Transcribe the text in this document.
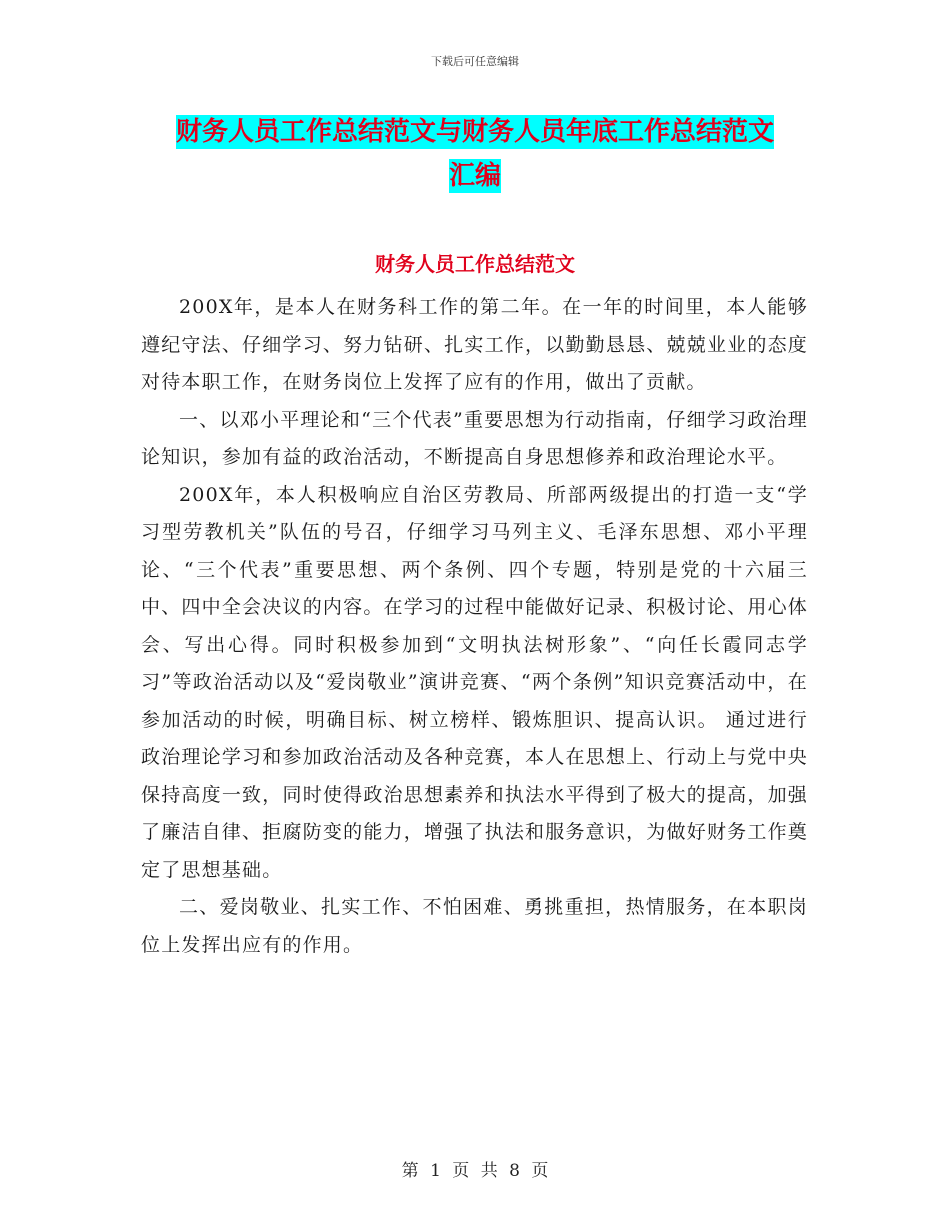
下载后可任意编辑
财务人员工作总结范文与财务人员年底工作总结范文
汇编
财务人员工作总结范文

200X年，是本人在财务科工作的第二年。在一年的时间里，本人能够遵纪守法、仔细学习、努力钻研、扎实工作，以勤勤恳恳、兢兢业业的态度对待本职工作，在财务岗位上发挥了应有的作用，做出了贡献。

一、以邓小平理论和“三个代表”重要思想为行动指南，仔细学习政治理论知识，参加有益的政治活动，不断提高自身思想修养和政治理论水平。

200X年，本人积极响应自治区劳教局、所部两级提出的打造一支“学习型劳教机关”队伍的号召，仔细学习马列主义、毛泽东思想、邓小平理论、“三个代表”重要思想、两个条例、四个专题，特别是党的十六届三中、四中全会决议的内容。在学习的过程中能做好记录、积极讨论、用心体会、写出心得。同时积极参加到“文明执法树形象”、“向任长霞同志学习”等政治活动以及“爱岗敬业”演讲竞赛、“两个条例”知识竞赛活动中，在参加活动的时候，明确目标、树立榜样、锻炼胆识、提高认识。 通过进行政治理论学习和参加政治活动及各种竞赛，本人在思想上、行动上与党中央保持高度一致，同时使得政治思想素养和执法水平得到了极大的提高，加强了廉洁自律、拒腐防变的能力，增强了执法和服务意识，为做好财务工作奠定了思想基础。

二、爱岗敬业、扎实工作、不怕困难、勇挑重担，热情服务，在本职岗位上发挥出应有的作用。

第 1 页 共 8 页
